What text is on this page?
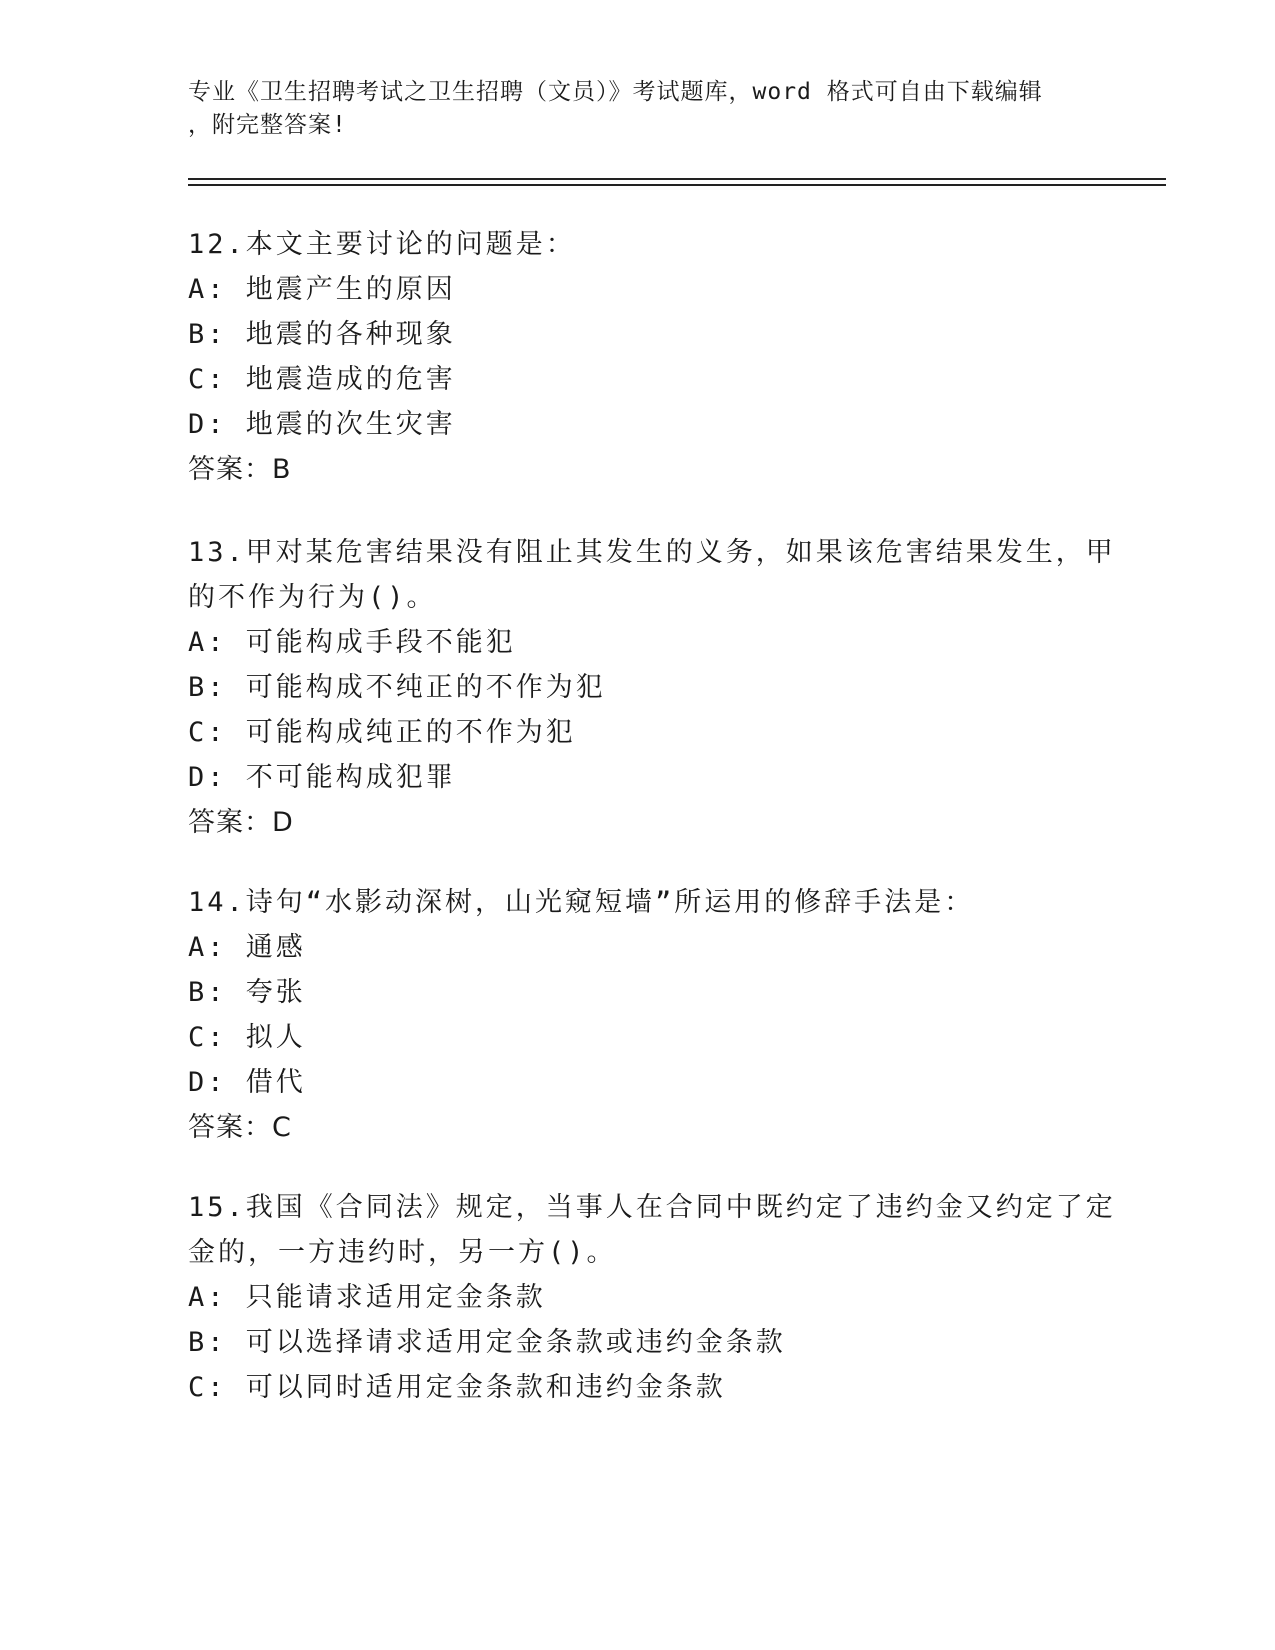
专业《卫生招聘考试之卫生招聘（文员）》考试题库，word 格式可自由下载编辑
，附完整答案!
12.本文主要讨论的问题是：
A: 地震产生的原因
B: 地震的各种现象
C: 地震造成的危害
D: 地震的次生灾害
答案：B
13.甲对某危害结果没有阻止其发生的义务，如果该危害结果发生，甲
的不作为行为()。
A: 可能构成手段不能犯
B: 可能构成不纯正的不作为犯
C: 可能构成纯正的不作为犯
D: 不可能构成犯罪
答案：D
14.诗句“水影动深树，山光窥短墙”所运用的修辞手法是：
A: 通感
B: 夸张
C: 拟人
D: 借代
答案：C
15.我国《合同法》规定，当事人在合同中既约定了违约金又约定了定
金的，一方违约时，另一方()。
A: 只能请求适用定金条款
B: 可以选择请求适用定金条款或违约金条款
C: 可以同时适用定金条款和违约金条款
